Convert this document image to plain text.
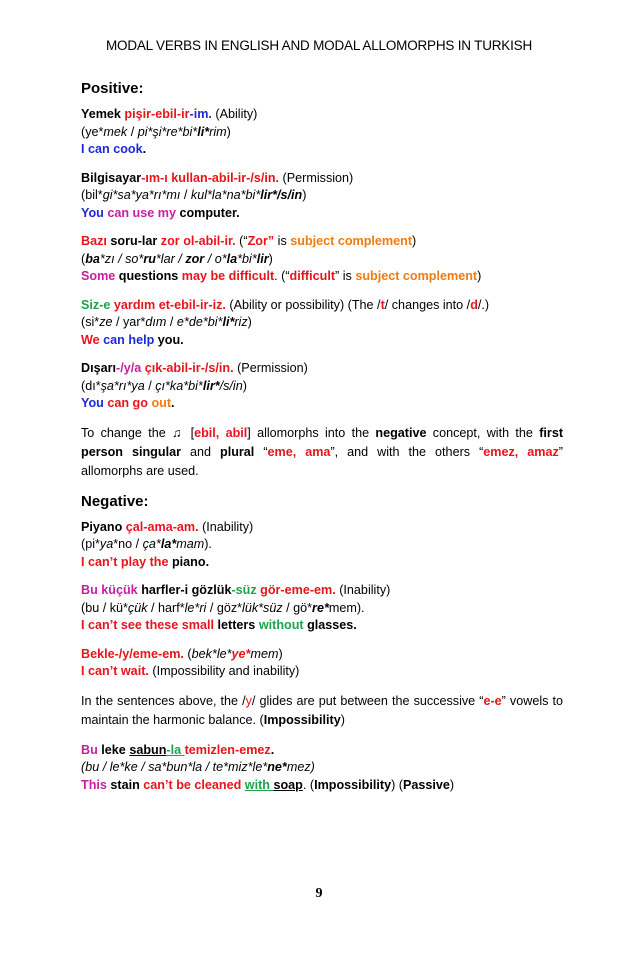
MODAL VERBS IN ENGLISH AND MODAL ALLOMORPHS IN TURKISH
Positive:
Yemek pişir-ebil-ir-im. (Ability)
(ye*mek / pi*şi*re*bi*li*rim)
I can cook.
Bilgisayar-ım-ı kullan-abil-ir-/s/in. (Permission)
(bil*gi*sa*ya*rı*mı / kul*la*na*bi*lir*/s/in)
You can use my computer.
Bazı soru-lar zor ol-abil-ir. (“Zor” is subject complement)
(ba*zı / so*ru*lar / zor / o*la*bi*lir)
Some questions may be difficult. (“difficult” is subject complement)
Siz-e yardım et-ebil-ir-iz. (Ability or possibility) (The /t/ changes into /d/.)
(si*ze / yar*dım / e*de*bi*li*riz)
We can help you.
Dışarı-/y/a çık-abil-ir-/s/in. (Permission)
(dı*şa*rı*ya / çı*ka*bi*lir*/s/in)
You can go out.
To change the ♫ [ebil, abil] allomorphs into the negative concept, with the first person singular and plural “eme, ama”, and with the others “emez, amaz” allomorphs are used.
Negative:
Piyano çal-ama-am. (Inability)
(pi*ya*no / ça*la*mam).
I can’t play the piano.
Bu küçük harfler-i gözlük-süz gör-eme-em. (Inability)
(bu / kü*çük / harf*le*ri / göz*lük*süz / gö*re*mem).
I can’t see these small letters without glasses.
Bekle-/y/eme-em. (bek*le*ye*mem)
I can’t wait. (Impossibility and inability)
In the sentences above, the /y/ glides are put between the successive “e-e” vowels to maintain the harmonic balance. (Impossibility)
Bu leke sabun-la temizlen-emez.
(bu / le*ke / sa*bun*la / te*miz*le*ne*mez)
This stain can’t be cleaned with soap. (Impossibility) (Passive)
9
